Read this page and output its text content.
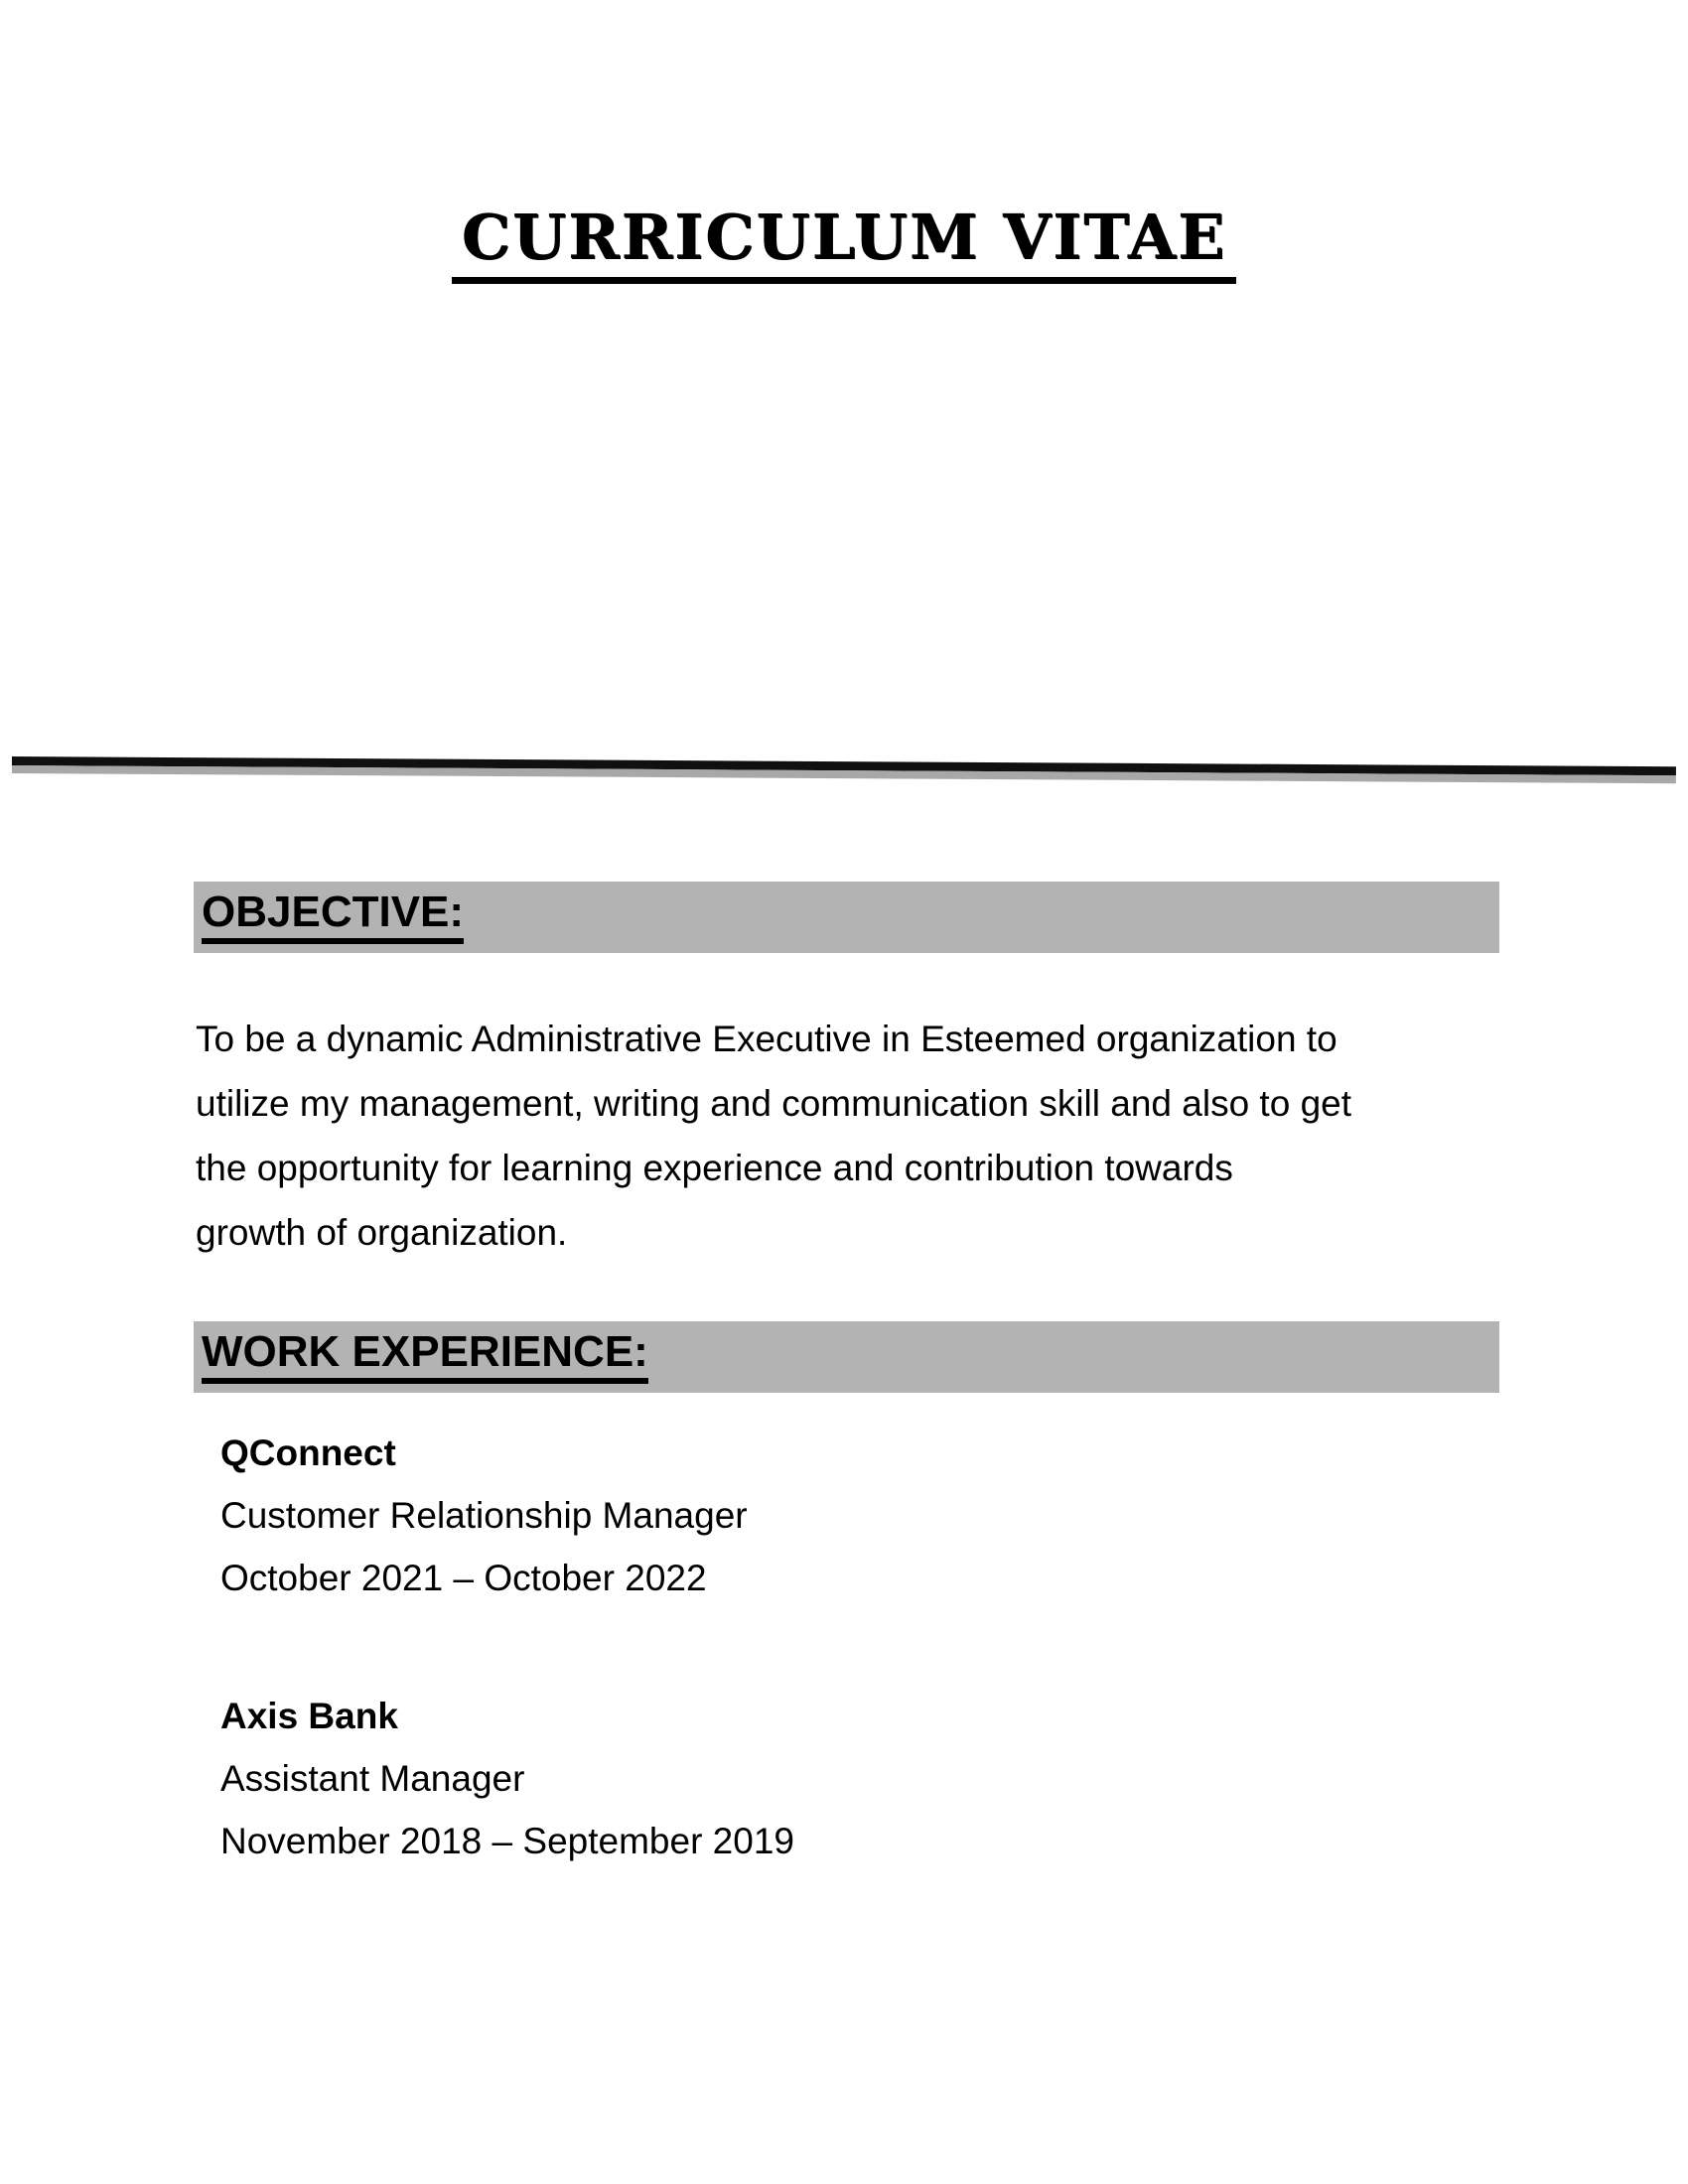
CURRICULUM VITAE
OBJECTIVE:
To be a dynamic Administrative Executive in Esteemed organization to
utilize my management, writing and communication skill and also to get
the opportunity for learning experience and contribution towards
growth of organization.
WORK EXPERIENCE:
QConnect
Customer Relationship Manager
October 2021 – October 2022
Axis Bank
Assistant Manager
November 2018 – September 2019
